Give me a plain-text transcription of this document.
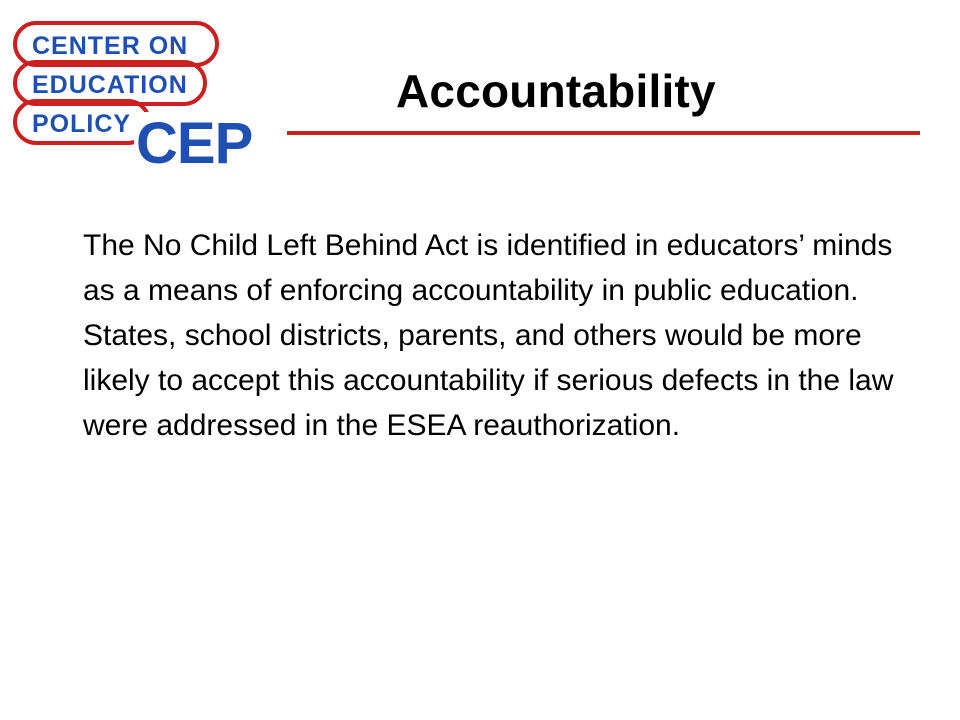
CENTER ON
EDUCATION
POLICY CEP
Accountability

The No Child Left Behind Act is identified in educators’ minds as a means of enforcing accountability in public education. States, school districts, parents, and others would be more likely to accept this accountability if serious defects in the law were addressed in the ESEA reauthorization.
